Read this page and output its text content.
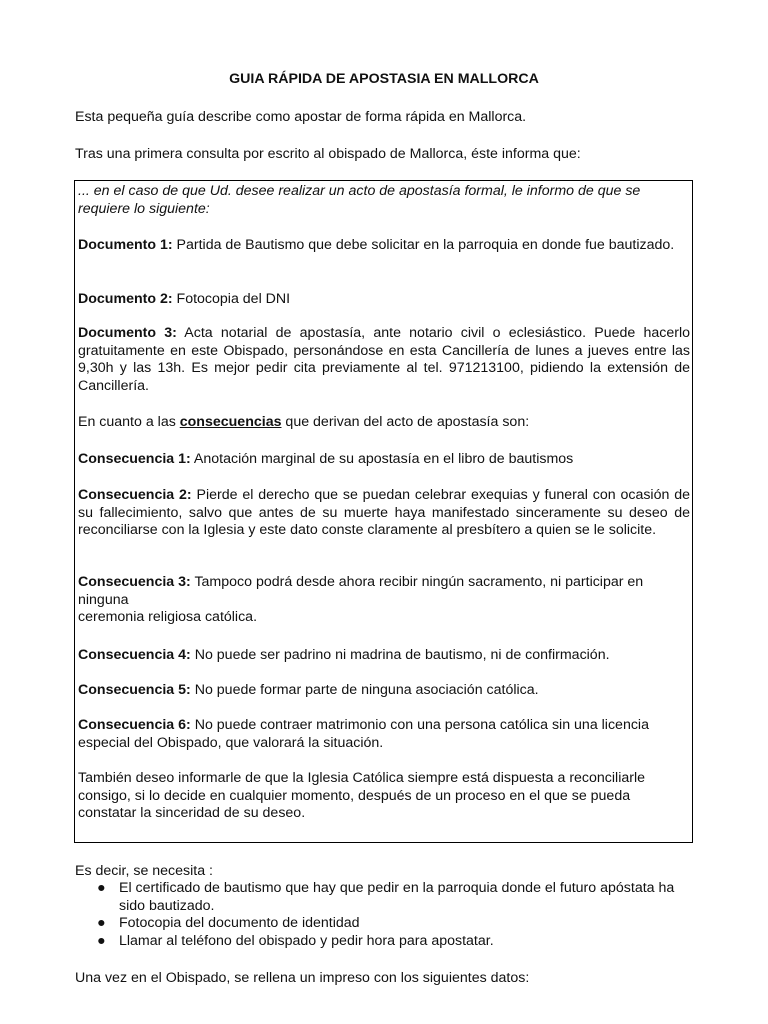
GUIA RÁPIDA DE APOSTASIA EN MALLORCA

Esta pequeña guía describe como apostar de forma rápida en Mallorca.

Tras una primera consulta por escrito al obispado de Mallorca, éste informa que:

... en el caso de que Ud. desee realizar un acto de apostasía formal, le informo de que se
requiere lo siguiente:

Documento 1: Partida de Bautismo que debe solicitar en la parroquia en donde fue bautizado.

Documento 2: Fotocopia del DNI

Documento 3: Acta notarial de apostasía, ante notario civil o eclesiástico. Puede hacerlo gratuitamente en este Obispado, personándose en esta Cancillería de lunes a jueves entre las 9,30h y las 13h. Es mejor pedir cita previamente al tel. 971213100, pidiendo la extensión de Cancillería.

En cuanto a las consecuencias que derivan del acto de apostasía son:

Consecuencia 1: Anotación marginal de su apostasía en el libro de bautismos

Consecuencia 2: Pierde el derecho que se puedan celebrar exequias y funeral con ocasión de su fallecimiento, salvo que antes de su muerte haya manifestado sinceramente su deseo de reconciliarse con la Iglesia y este dato conste claramente al presbítero a quien se le solicite.

Consecuencia 3: Tampoco podrá desde ahora recibir ningún sacramento, ni participar en ninguna
ceremonia religiosa católica.

Consecuencia 4: No puede ser padrino ni madrina de bautismo, ni de confirmación.

Consecuencia 5: No puede formar parte de ninguna asociación católica.

Consecuencia 6: No puede contraer matrimonio con una persona católica sin una licencia especial del Obispado, que valorará la situación.

También deseo informarle de que la Iglesia Católica siempre está dispuesta a reconciliarle
consigo, si lo decide en cualquier momento, después de un proceso en el que se pueda constatar la sinceridad de su deseo.

Es decir, se necesita :

● El certificado de bautismo que hay que pedir en la parroquia donde el futuro apóstata ha sido bautizado.
● Fotocopia del documento de identidad
● Llamar al teléfono del obispado y pedir hora para apostatar.

Una vez en el Obispado, se rellena un impreso con los siguientes datos:
